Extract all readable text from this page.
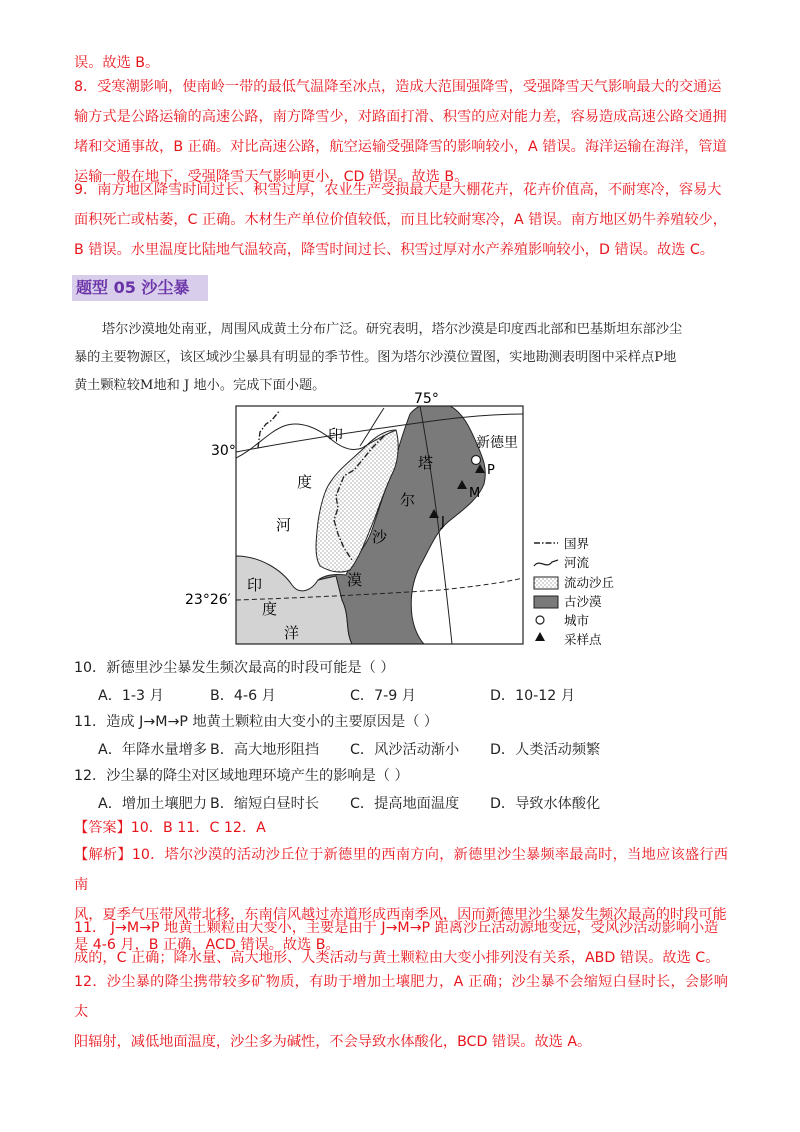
误。故选 B。
8．受寒潮影响，使南岭一带的最低气温降至冰点，造成大范围强降雪，受强降雪天气影响最大的交通运
输方式是公路运输的高速公路，南方降雪少，对路面打滑、积雪的应对能力差，容易造成高速公路交通拥
堵和交通事故，B 正确。对比高速公路，航空运输受强降雪的影响较小，A 错误。海洋运输在海洋，管道
运输一般在地下，受强降雪天气影响更小，CD 错误。故选 B。
9．南方地区降雪时间过长、积雪过厚，农业生产受损最大是大棚花卉，花卉价值高，不耐寒冷，容易大
面积死亡或枯萎，C 正确。木材生产单位价值较低，而且比较耐寒冷，A 错误。南方地区奶牛养殖较少，
B 错误。水里温度比陆地气温较高，降雪时间过长、积雪过厚对水产养殖影响较小，D 错误。故选 C。
题型 05 沙尘暴
塔尔沙漠地处南亚，周围风成黄土分布广泛。研究表明，塔尔沙漠是印度西北部和巴基斯坦东部沙尘
暴的主要物源区，该区域沙尘暴具有明显的季节性。图为塔尔沙漠位置图，实地勘测表明图中采样点P地
黄土颗粒较M地和 J 地小。完成下面小题。
75°
30°
23°26′
新德里
P
M
J
印
度
河
塔
尔
沙
漠
印
度
洋
国界
河流
流动沙丘
古沙漠
城市
采样点
10．新德里沙尘暴发生频次最高的时段可能是（ ）
A．1-3 月	B．4-6 月	C．7-9 月	D．10-12 月
11．造成 J→M→P 地黄土颗粒由大变小的主要原因是（ ）
A．年降水量增多 B．高大地形阻挡 C．风沙活动渐小 D．人类活动频繁
12．沙尘暴的降尘对区域地理环境产生的影响是（ ）
A．增加土壤肥力 B．缩短白昼时长 C．提高地面温度 D．导致水体酸化
【答案】10．B 11．C 12．A
【解析】10．塔尔沙漠的活动沙丘位于新德里的西南方向，新德里沙尘暴频率最高时，当地应该盛行西南
风，夏季气压带风带北移，东南信风越过赤道形成西南季风，因而新德里沙尘暴发生频次最高的时段可能
是 4-6 月，B 正确，ACD 错误。故选 B。
11． J→M→P 地黄土颗粒由大变小，主要是由于 J→M→P 距离沙丘活动源地变远，受风沙活动影响小造
成的，C 正确；降水量、高大地形、人类活动与黄土颗粒由大变小排列没有关系，ABD 错误。故选 C。
12．沙尘暴的降尘携带较多矿物质，有助于增加土壤肥力，A 正确；沙尘暴不会缩短白昼时长，会影响太
阳辐射，减低地面温度，沙尘多为碱性，不会导致水体酸化，BCD 错误。故选 A。
